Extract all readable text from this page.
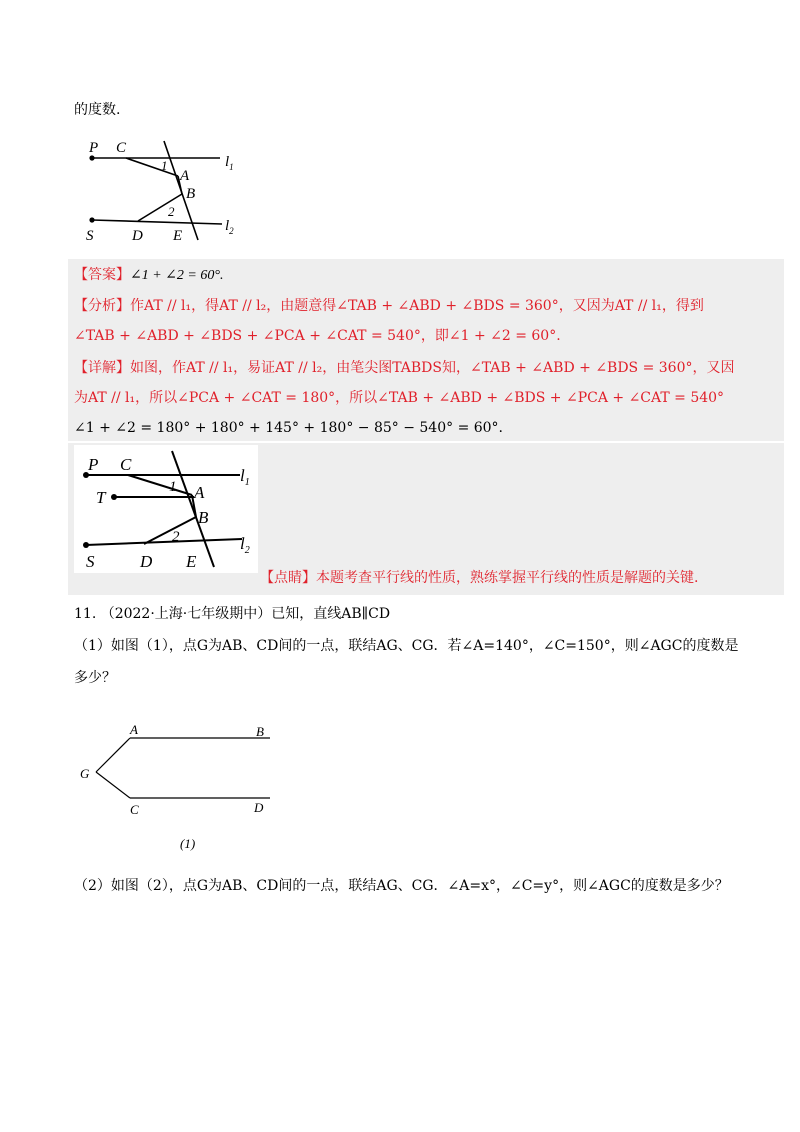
的度数.
P C
1
A
B
2
S	D E
$l_1$
$l_2$
【答案】∠1 + ∠2 = 60°.
【分析】作AT // l₁，得AT // l₂，由题意得∠TAB + ∠ABD + ∠BDS = 360°，又因为AT // l₁，得到
∠TAB + ∠ABD + ∠BDS + ∠PCA + ∠CAT = 540°，即∠1 + ∠2 = 60°.
【详解】如图，作AT // l₁，易证AT // l₂，由笔尖图TABDS知，∠TAB + ∠ABD + ∠BDS = 360°，又因
为AT // l₁，所以∠PCA + ∠CAT = 180°，所以∠TAB + ∠ABD + ∠BDS + ∠PCA + ∠CAT = 540°
∠1 + ∠2 = 180° + 180° + 145° + 180° − 85° − 540° = 60°.
P C
1 A
T
B
2
S	D E
$l_1$
$l_2$
【点睛】本题考查平行线的性质，熟练掌握平行线的性质是解题的关键.
11. （2022·上海·七年级期中）已知，直线AB∥CD
（1）如图（1），点G为AB、CD间的一点，联结AG、CG．若∠A=140°，∠C=150°，则∠AGC的度数是
多少？
A	B
G
C	D
(1)
（2）如图（2），点G为AB、CD间的一点，联结AG、CG．∠A=x°，∠C=y°，则∠AGC的度数是多少？
